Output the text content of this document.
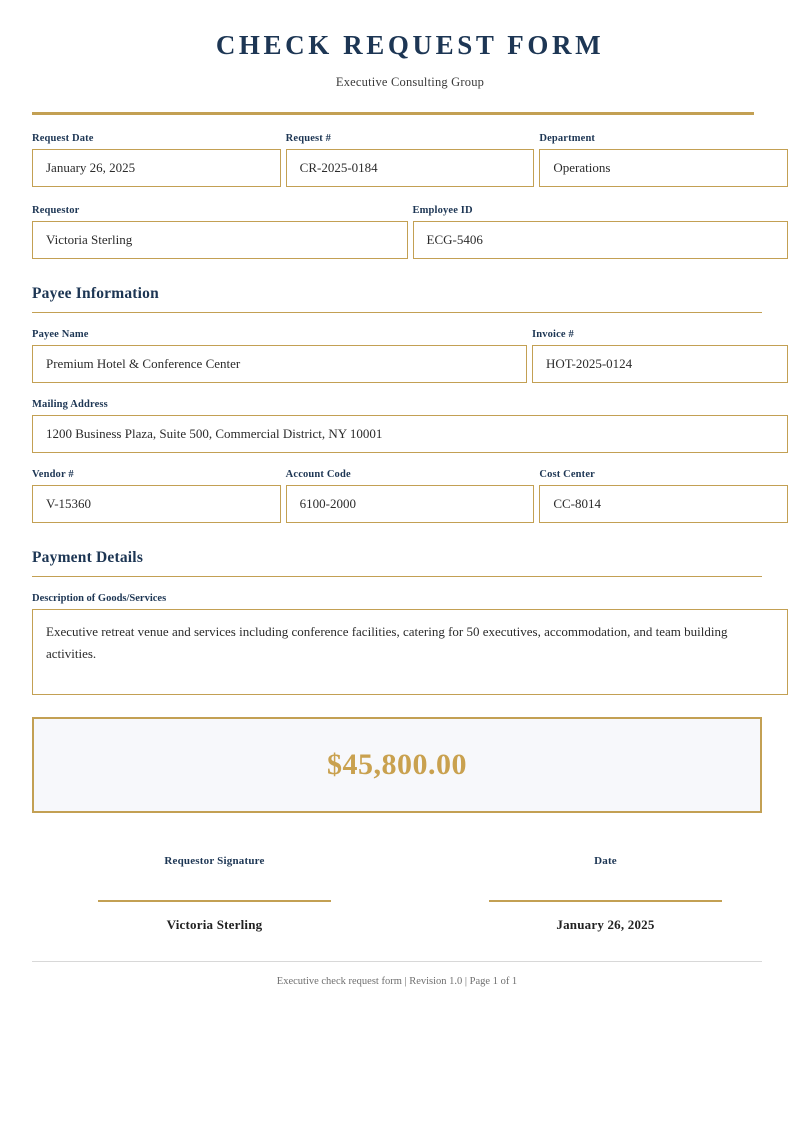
CHECK REQUEST FORM
Executive Consulting Group
Request Date
January 26, 2025
Request #
CR-2025-0184
Department
Operations
Requestor
Victoria Sterling
Employee ID
ECG-5406
Payee Information
Payee Name
Premium Hotel & Conference Center
Invoice #
HOT-2025-0124
Mailing Address
1200 Business Plaza, Suite 500, Commercial District, NY 10001
Vendor #
V-15360
Account Code
6100-2000
Cost Center
CC-8014
Payment Details
Description of Goods/Services
Executive retreat venue and services including conference facilities, catering for 50 executives, accommodation, and team building activities.
$45,800.00
Requestor Signature
Victoria Sterling
Date
January 26, 2025
Executive check request form | Revision 1.0 | Page 1 of 1
